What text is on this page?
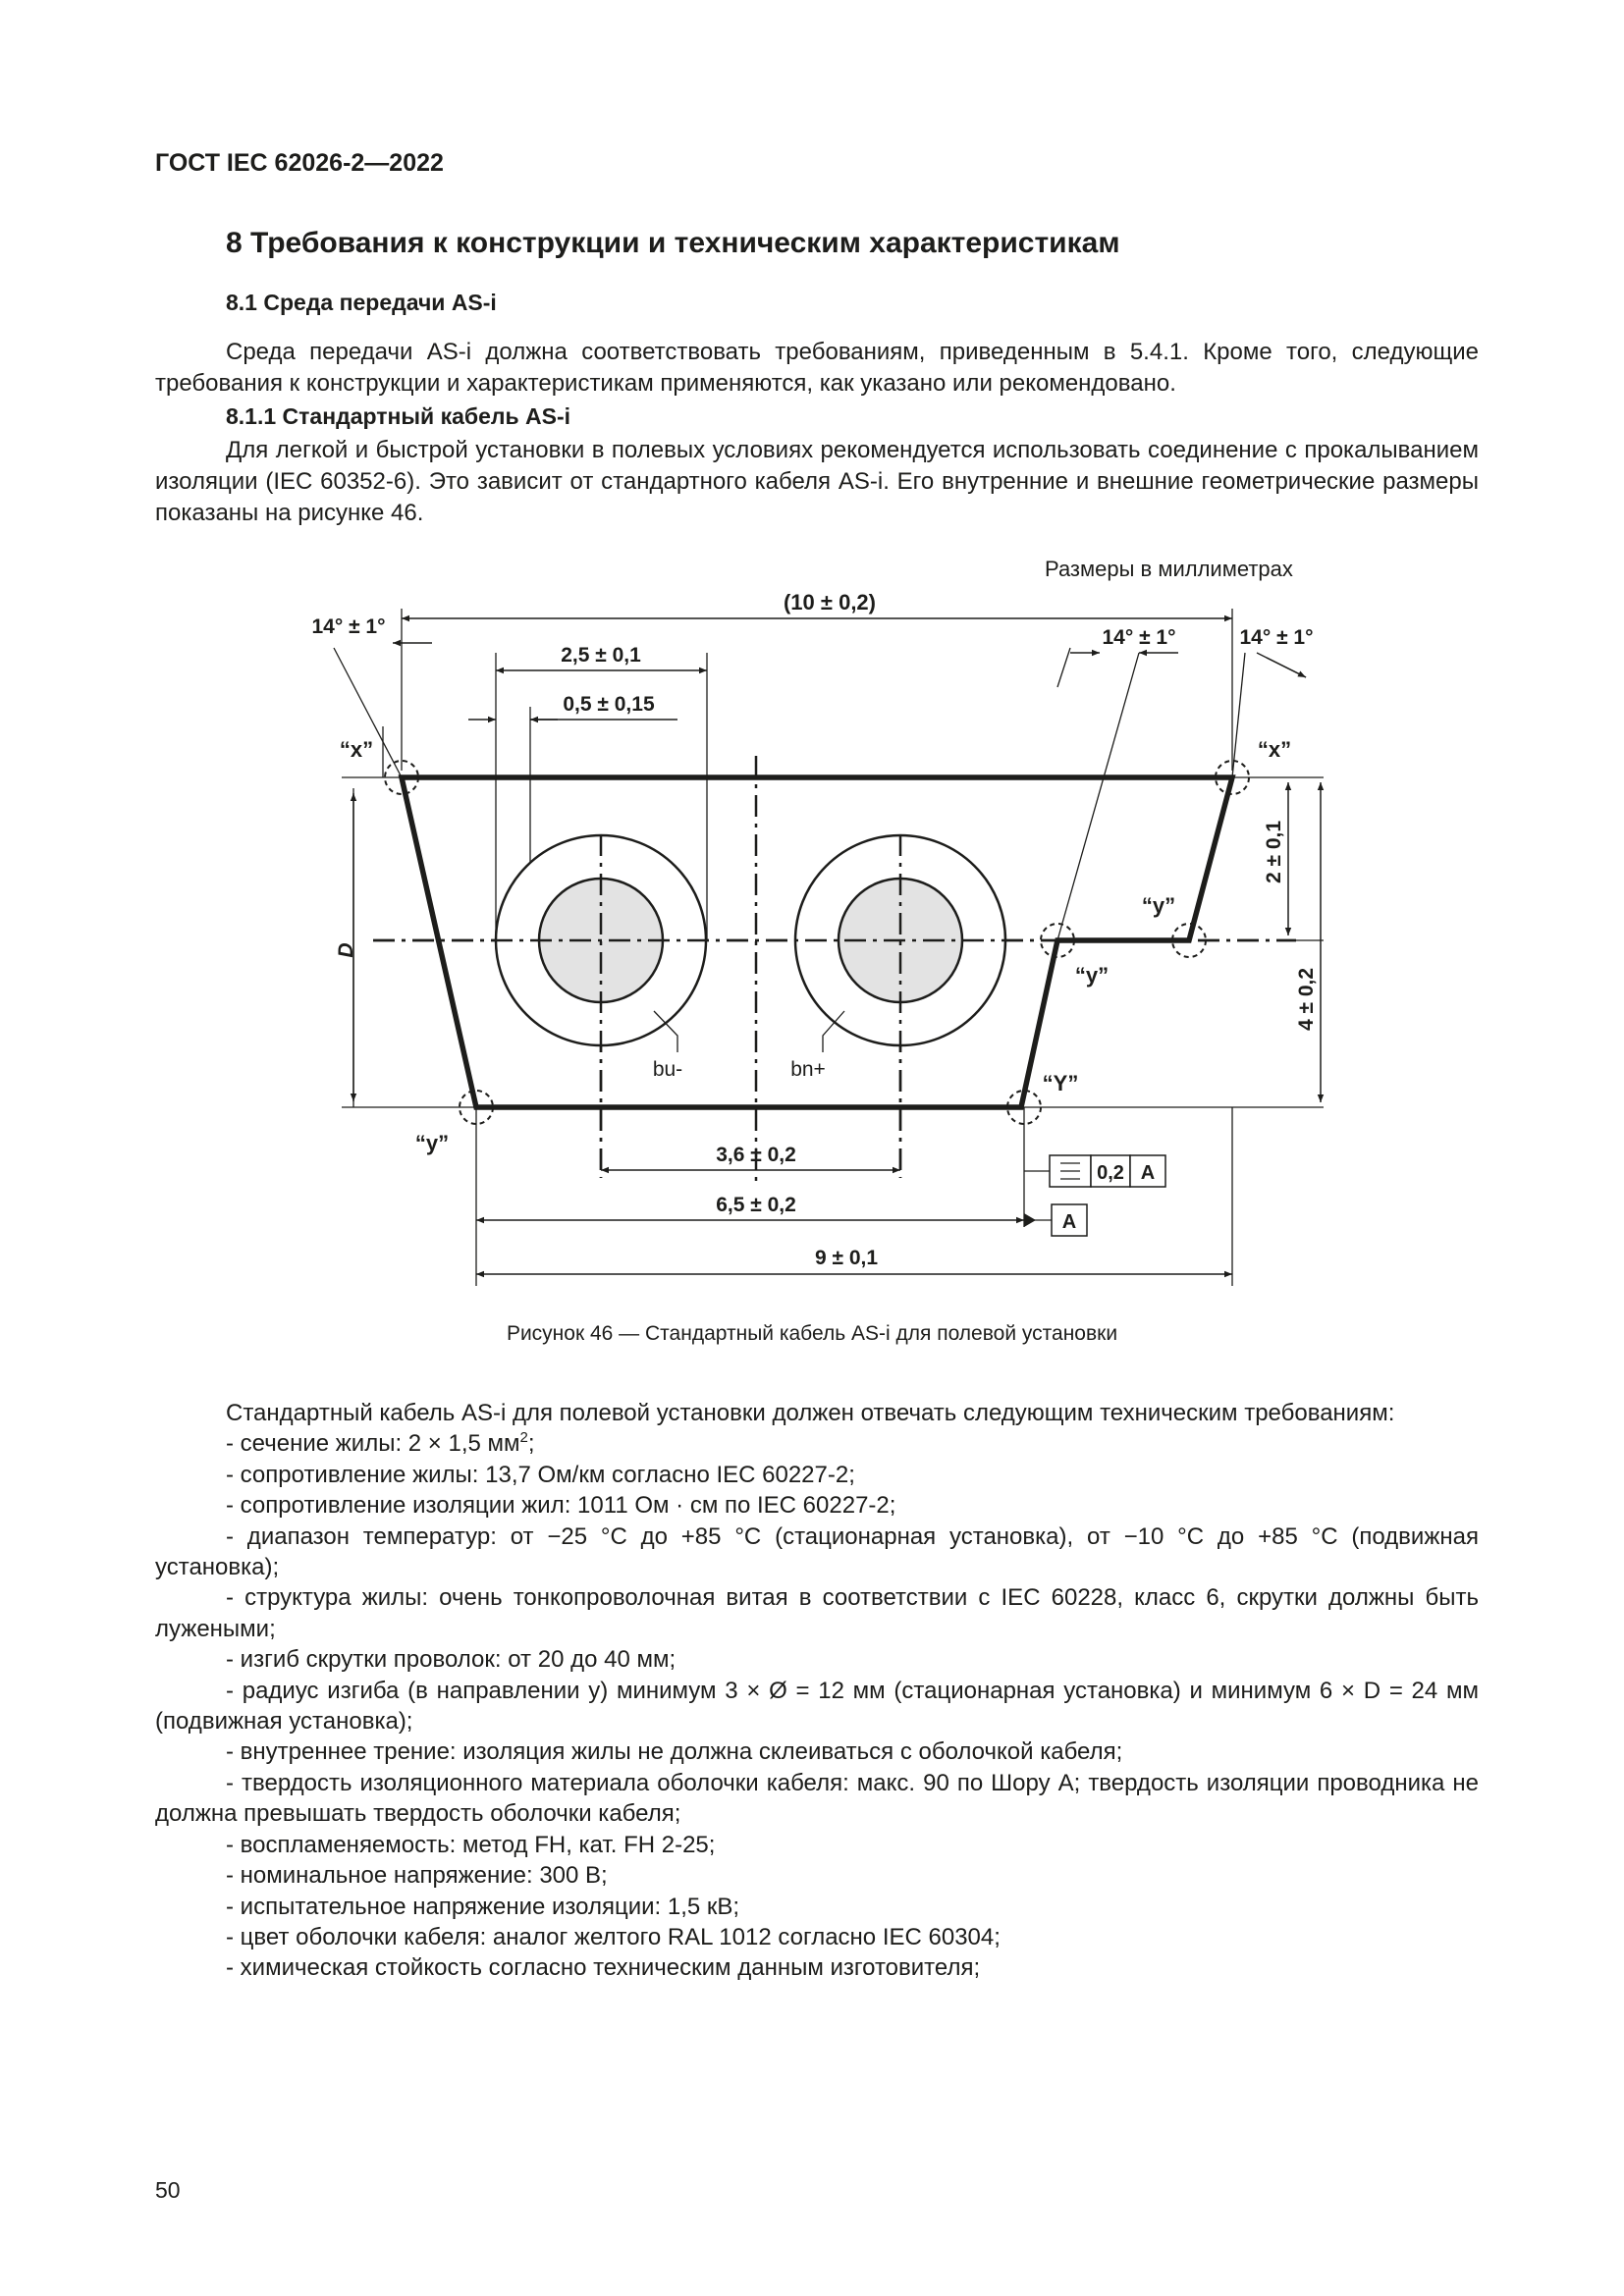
ГОСТ IEC 62026-2—2022
8 Требования к конструкции и техническим характеристикам
8.1 Среда передачи AS-i
Среда передачи AS-i должна соответствовать требованиям, приведенным в 5.4.1. Кроме того, следующие требования к конструкции и характеристикам применяются, как указано или рекомендовано.
8.1.1 Стандартный кабель AS-i
Для легкой и быстрой установки в полевых условиях рекомендуется использовать соединение с прокалыванием изоляции (IEC 60352-6). Это зависит от стандартного кабеля AS-i. Его внутренние и внешние геометрические размеры показаны на рисунке 46.
Размеры в миллиметрах
(10 ± 0,2)
14° ± 1°	14° ± 1°	14° ± 1°
2,5 ± 0,1
0,5 ± 0,15
“x”	“x”
D
2 ± 0,1
4 ± 0,2
“y”
“y”
bu-	bn+
“Y”
“y”	3,6 ± 0,2
0,2 A
6,5 ± 0,2
A
9 ± 0,1
Рисунок 46 — Стандартный кабель AS-i для полевой установки
Стандартный кабель AS-i для полевой установки должен отвечать следующим техническим требованиям:
- сечение жилы: 2 × 1,5 $мм^2$;
- сопротивление жилы: 13,7 Ом/км согласно IEC 60227-2;
- сопротивление изоляции жил: 1011 Ом · см по IEC 60227-2;
- диапазон температур: от −25 °С до +85 °С (стационарная установка), от −10 °С до +85 °С (подвижная установка);
- структура жилы: очень тонкопроволочная витая в соответствии с IEC 60228, класс 6, скрутки должны быть лужеными;
- изгиб скрутки проволок: от 20 до 40 мм;
- радиус изгиба (в направлении y) минимум 3 × Ø = 12 мм (стационарная установка) и минимум 6 × D = 24 мм (подвижная установка);
- внутреннее трение: изоляция жилы не должна склеиваться с оболочкой кабеля;
- твердость изоляционного материала оболочки кабеля: макс. 90 по Шору А; твердость изоляции проводника не должна превышать твердость оболочки кабеля;
- воспламеняемость: метод FH, кат. FH 2-25;
- номинальное напряжение: 300 В;
- испытательное напряжение изоляции: 1,5 кВ;
- цвет оболочки кабеля: аналог желтого RAL 1012 согласно IEC 60304;
- химическая стойкость согласно техническим данным изготовителя;
50
